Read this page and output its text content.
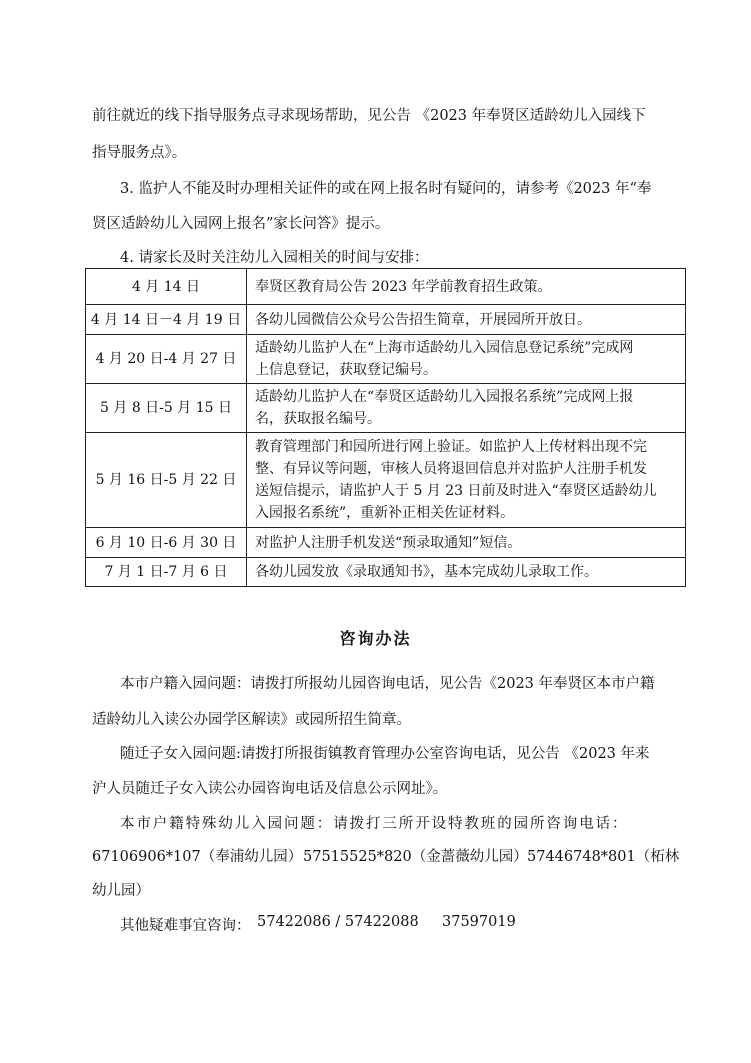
前往就近的线下指导服务点寻求现场帮助，见公告 《2023 年奉贤区适龄幼儿入园线下
指导服务点》。
3. 监护人不能及时办理相关证件的或在网上报名时有疑问的，请参考《2023 年“奉
贤区适龄幼儿入园网上报名”家长问答》提示。
4. 请家长及时关注幼儿入园相关的时间与安排：
4 月 14 日	奉贤区教育局公告 2023 年学前教育招生政策。
4 月 14 日－4 月 19 日	各幼儿园微信公众号公告招生简章，开展园所开放日。
4 月 20 日-4 月 27 日	适龄幼儿监护人在“上海市适龄幼儿入园信息登记系统”完成网
上信息登记，获取登记编号。
5 月 8 日-5 月 15 日	适龄幼儿监护人在“奉贤区适龄幼儿入园报名系统”完成网上报
名，获取报名编号。
5 月 16 日-5 月 22 日	教育管理部门和园所进行网上验证。如监护人上传材料出现不完
整、有异议等问题，审核人员将退回信息并对监护人注册手机发
送短信提示，请监护人于 5 月 23 日前及时进入“奉贤区适龄幼儿
入园报名系统”，重新补正相关佐证材料。
6 月 10 日-6 月 30 日	对监护人注册手机发送“预录取通知”短信。
7 月 1 日-7 月 6 日	各幼儿园发放《录取通知书》，基本完成幼儿录取工作。
咨询办法
本市户籍入园问题：请拨打所报幼儿园咨询电话，见公告《2023 年奉贤区本市户籍
适龄幼儿入读公办园学区解读》或园所招生简章。
随迁子女入园问题:请拨打所报街镇教育管理办公室咨询电话，见公告 《2023 年来
沪人员随迁子女入读公办园咨询电话及信息公示网址》。
本市户籍特殊幼儿入园问题：请拨打三所开设特教班的园所咨询电话：
67106906*107（奉浦幼儿园） 57515525*820（金蔷薇幼儿园） 57446748*801（柘林
幼儿园）
其他疑难事宜咨询： 57422086 / 57422088 37597019
